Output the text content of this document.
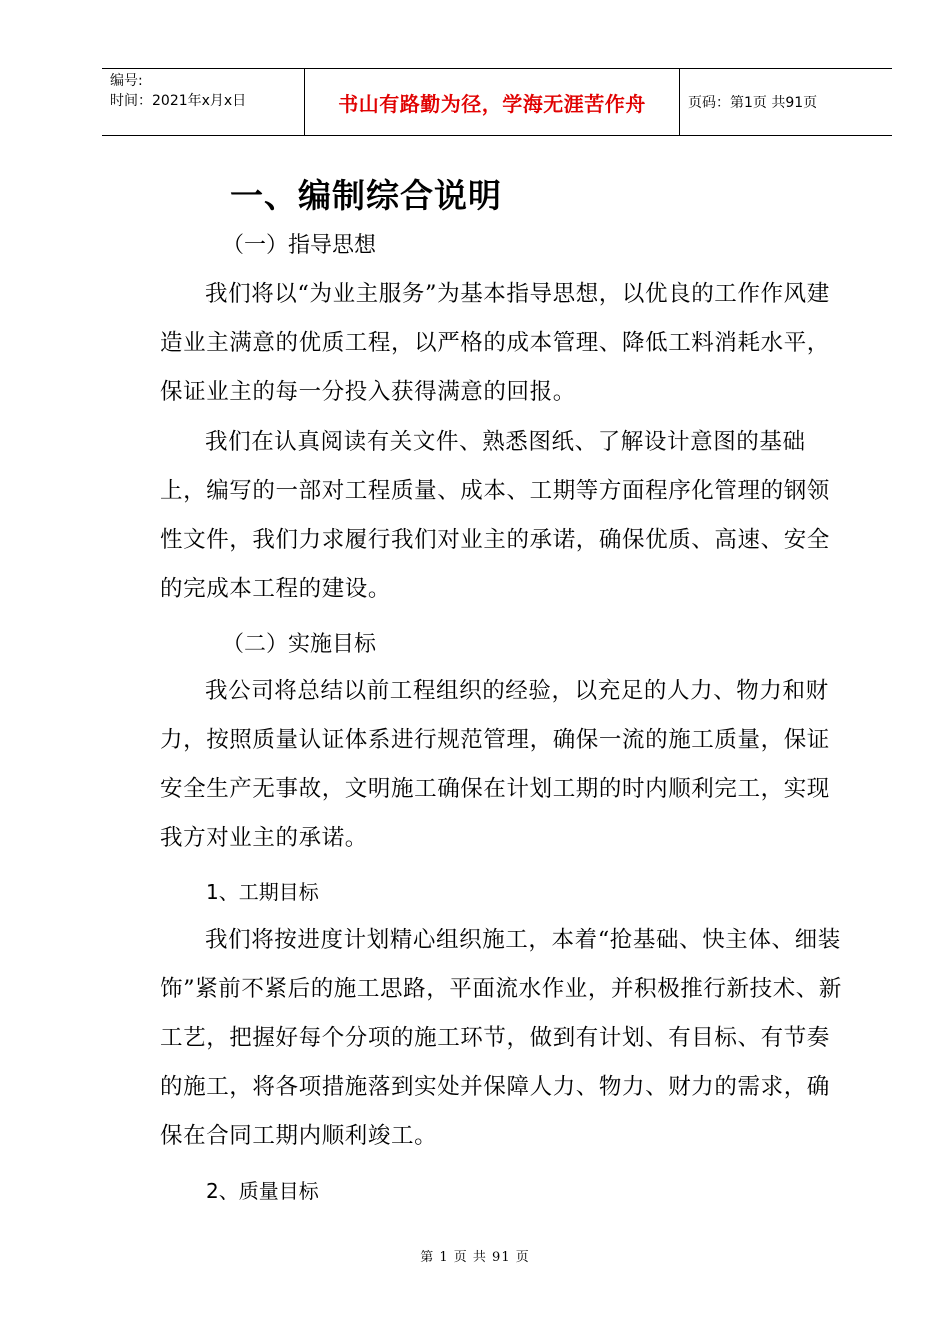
编号:
时间：2021年x月x日	书山有路勤为径，学海无涯苦作舟	页码：第1页 共91页
一、编制综合说明
（一）指导思想

我们将以“为业主服务”为基本指导思想，以优良的工作作风建造业主满意的优质工程，以严格的成本管理、降低工料消耗水平，保证业主的每一分投入获得满意的回报。

我们在认真阅读有关文件、熟悉图纸、了解设计意图的基础上，编写的一部对工程质量、成本、工期等方面程序化管理的钢领性文件，我们力求履行我们对业主的承诺，确保优质、高速、安全的完成本工程的建设。

（二）实施目标

我公司将总结以前工程组织的经验，以充足的人力、物力和财力，按照质量认证体系进行规范管理，确保一流的施工质量，保证安全生产无事故，文明施工确保在计划工期的时内顺利完工，实现我方对业主的承诺。

1、工期目标

我们将按进度计划精心组织施工，本着“抢基础、快主体、细装饰”紧前不紧后的施工思路，平面流水作业，并积极推行新技术、新工艺，把握好每个分项的施工环节，做到有计划、有目标、有节奏的施工，将各项措施落到实处并保障人力、物力、财力的需求，确保在合同工期内顺利竣工。

2、质量目标
第 1 页 共 91 页
